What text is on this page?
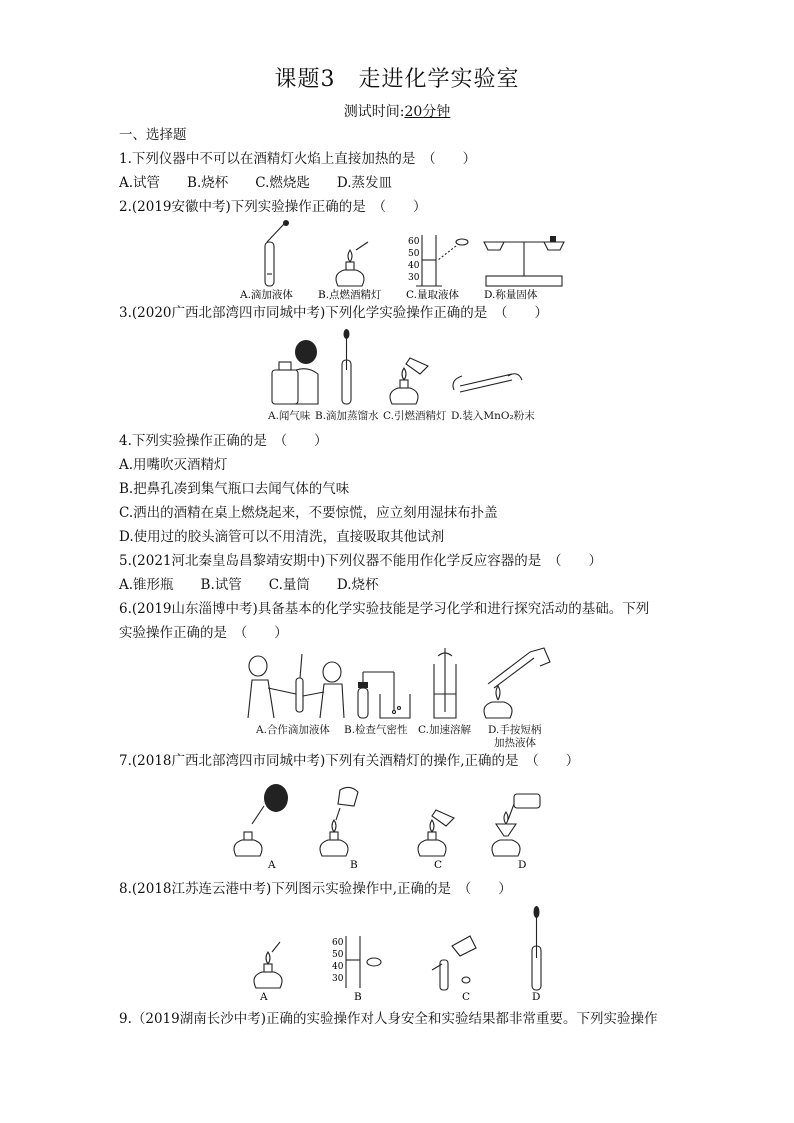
课题3　走进化学实验室
测试时间:20分钟
一、选择题
1.下列仪器中不可以在酒精灯火焰上直接加热的是　（　　）
A.试管　　B.烧杯　　C.燃烧匙　　D.蒸发皿
2.(2019安徽中考)下列实验操作正确的是　（　　）
60
50
40
30
A.滴加液体 B.点燃酒精灯 C.量取液体 D.称量固体
3.(2020广西北部湾四市同城中考)下列化学实验操作正确的是　（　　）
A.闻气味 B.滴加蒸馏水 C.引燃酒精灯 D.装入MnO₂粉末
4.下列实验操作正确的是　（　　）
A.用嘴吹灭酒精灯
B.把鼻孔凑到集气瓶口去闻气体的气味
C.洒出的酒精在桌上燃烧起来，不要惊慌，应立刻用湿抹布扑盖
D.使用过的胶头滴管可以不用清洗，直接吸取其他试剂
5.(2021河北秦皇岛昌黎靖安期中)下列仪器不能用作化学反应容器的是　（　　）
A.锥形瓶　　B.试管　　C.量筒　　D.烧杯
6.(2019山东淄博中考)具备基本的化学实验技能是学习化学和进行探究活动的基础。下列
实验操作正确的是　（　　）
A.合作滴加液体 B.检查气密性 C.加速溶解 D.手按短柄
加热液体
7.(2018广西北部湾四市同城中考)下列有关酒精灯的操作,正确的是　（　　）
A	B	C	D
8.(2018江苏连云港中考)下列图示实验操作中,正确的是　（　　）
60
50
40
30
A	B	C	D
9.（2019湖南长沙中考)正确的实验操作对人身安全和实验结果都非常重要。下列实验操作
